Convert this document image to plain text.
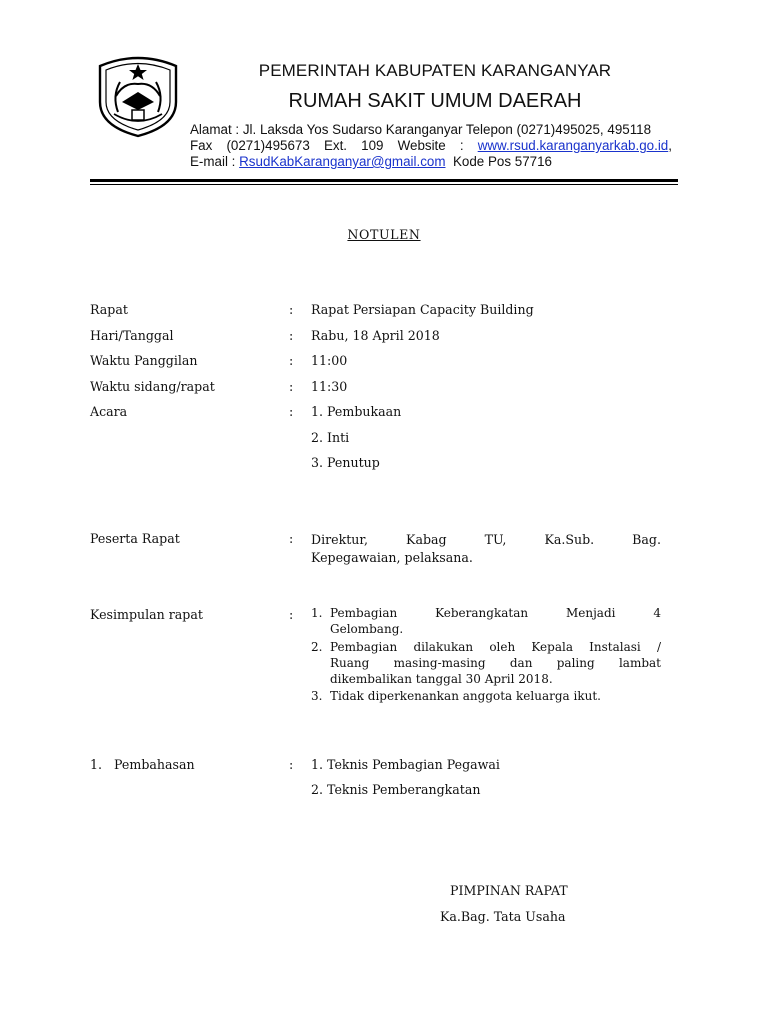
PEMERINTAH KABUPATEN KARANGANYAR
RUMAH SAKIT UMUM DAERAH
Alamat : Jl. Laksda Yos Sudarso Karanganyar Telepon (0271)495025, 495118
Fax (0271)495673 Ext. 109 Website : www.rsud.karanganyarkab.go.id,
E-mail : RsudKabKaranganyar@gmail.com Kode Pos 57716
NOTULEN
Rapat	: Rapat Persiapan Capacity Building
Hari/Tanggal	: Rabu, 18 April 2018
Waktu Panggilan	: 11:00
Waktu sidang/rapat	: 11:30
Acara	: 1. Pembukaan
2. Inti
3. Penutup
Peserta Rapat	: Direktur,	Kabag	TU,	Ka.Sub.	Bag.
Kepegawaian, pelaksana.
Kesimpulan rapat	: 1. Pembagian	Keberangkatan	Menjadi	4
Gelombang.
2. Pembagian dilakukan oleh Kepala Instalasi /
Ruang masing-masing dan paling lambat
dikembalikan tanggal 30 April 2018.
3. Tidak diperkenankan anggota keluarga ikut.
1.   Pembahasan	: 1. Teknis Pembagian Pegawai
2. Teknis Pemberangkatan
PIMPINAN RAPAT
Ka.Bag. Tata Usaha
